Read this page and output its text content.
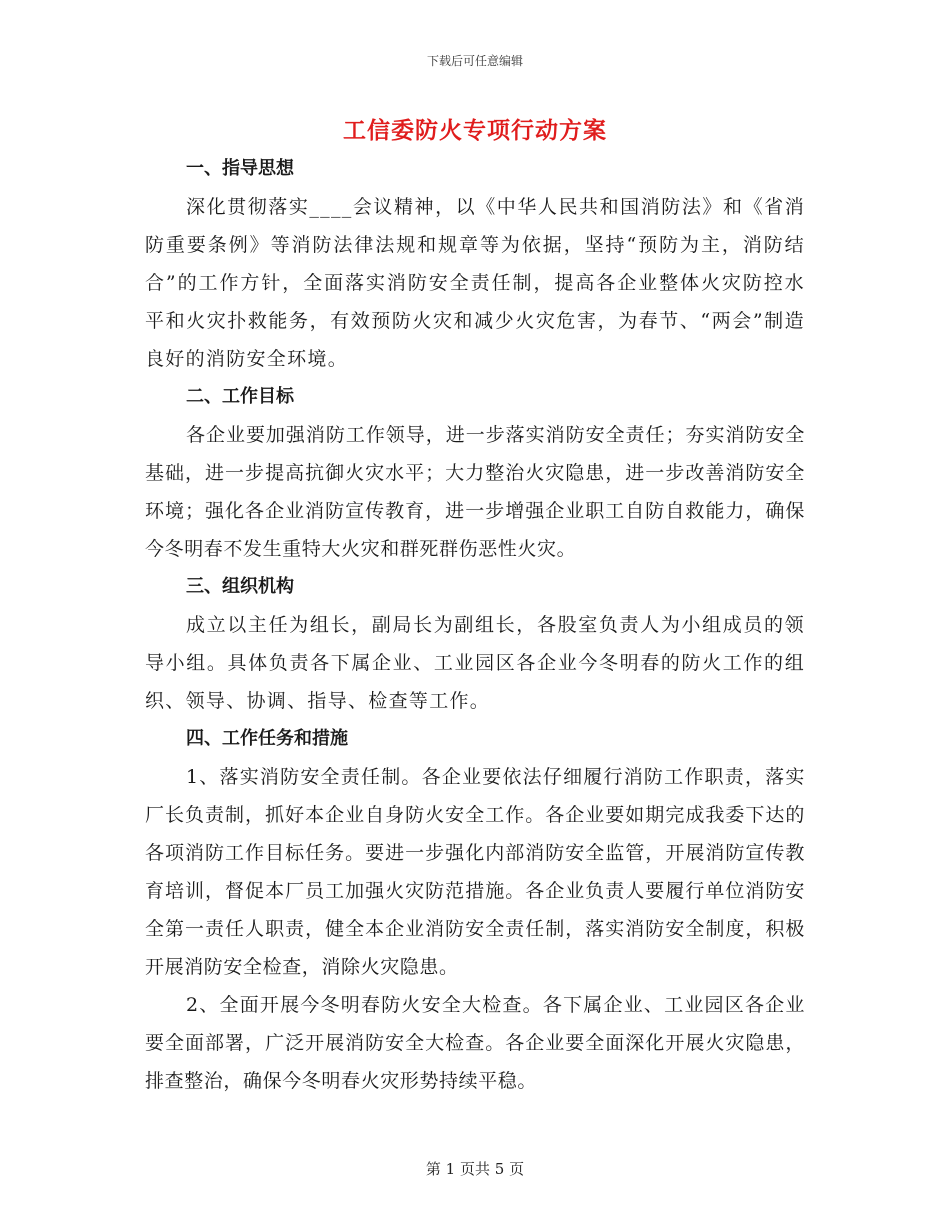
下载后可任意编辑
工信委防火专项行动方案
一、指导思想

深化贯彻落实____会议精神，以《中华人民共和国消防法》和《省消防重要条例》等消防法律法规和规章等为依据，坚持“预防为主，消防结合”的工作方针，全面落实消防安全责任制，提高各企业整体火灾防控水平和火灾扑救能务，有效预防火灾和减少火灾危害，为春节、“两会”制造良好的消防安全环境。

二、工作目标

各企业要加强消防工作领导，进一步落实消防安全责任；夯实消防安全基础，进一步提高抗御火灾水平；大力整治火灾隐患，进一步改善消防安全环境；强化各企业消防宣传教育，进一步增强企业职工自防自救能力，确保今冬明春不发生重特大火灾和群死群伤恶性火灾。

三、组织机构

成立以主任为组长，副局长为副组长，各股室负责人为小组成员的领导小组。具体负责各下属企业、工业园区各企业今冬明春的防火工作的组织、领导、协调、指导、检查等工作。

四、工作任务和措施

1、落实消防安全责任制。各企业要依法仔细履行消防工作职责，落实厂长负责制，抓好本企业自身防火安全工作。各企业要如期完成我委下达的各项消防工作目标任务。要进一步强化内部消防安全监管，开展消防宣传教育培训，督促本厂员工加强火灾防范措施。各企业负责人要履行单位消防安全第一责任人职责，健全本企业消防安全责任制，落实消防安全制度，积极开展消防安全检查，消除火灾隐患。

2、全面开展今冬明春防火安全大检查。各下属企业、工业园区各企业要全面部署，广泛开展消防安全大检查。各企业要全面深化开展火灾隐患，排查整治，确保今冬明春火灾形势持续平稳。

第 1 页共 5 页
